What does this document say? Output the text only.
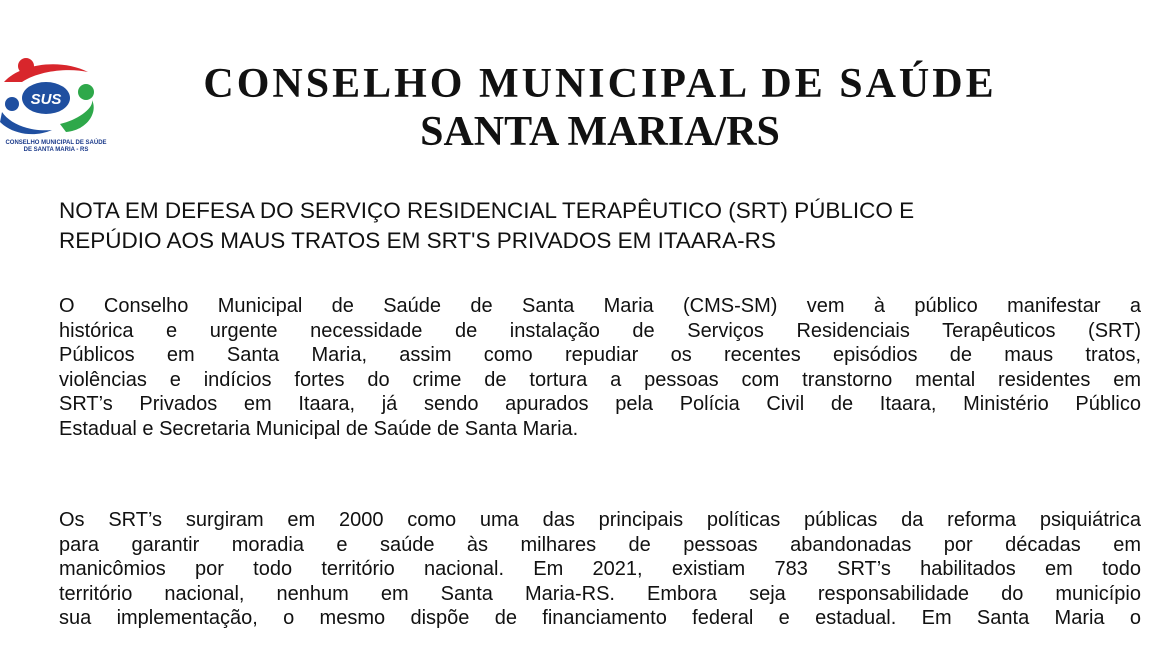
SUS
CONSELHO MUNICIPAL DE SAÚDE
DE SANTA MARIA - RS
CONSELHO MUNICIPAL DE SAÚDE
SANTA MARIA/RS
NOTA EM DEFESA DO SERVIÇO RESIDENCIAL TERAPÊUTICO (SRT) PÚBLICO E
REPÚDIO AOS MAUS TRATOS EM SRT'S PRIVADOS EM ITAARA-RS
O Conselho Municipal de Saúde de Santa Maria (CMS-SM) vem à público manifestar a
histórica e urgente necessidade de instalação de Serviços Residenciais Terapêuticos (SRT)
Públicos em Santa Maria, assim como repudiar os recentes episódios de maus tratos,
violências e indícios fortes do crime de tortura a pessoas com transtorno mental residentes em
SRT’s Privados em Itaara, já sendo apurados pela Polícia Civil de Itaara, Ministério Público
Estadual e Secretaria Municipal de Saúde de Santa Maria.
Os SRT’s surgiram em 2000 como uma das principais políticas públicas da reforma psiquiátrica
para garantir moradia e saúde às milhares de pessoas abandonadas por décadas em
manicômios por todo território nacional. Em 2021, existiam 783 SRT’s habilitados em todo
território nacional, nenhum em Santa Maria-RS. Embora seja responsabilidade do município
sua implementação, o mesmo dispõe de financiamento federal e estadual. Em Santa Maria o
